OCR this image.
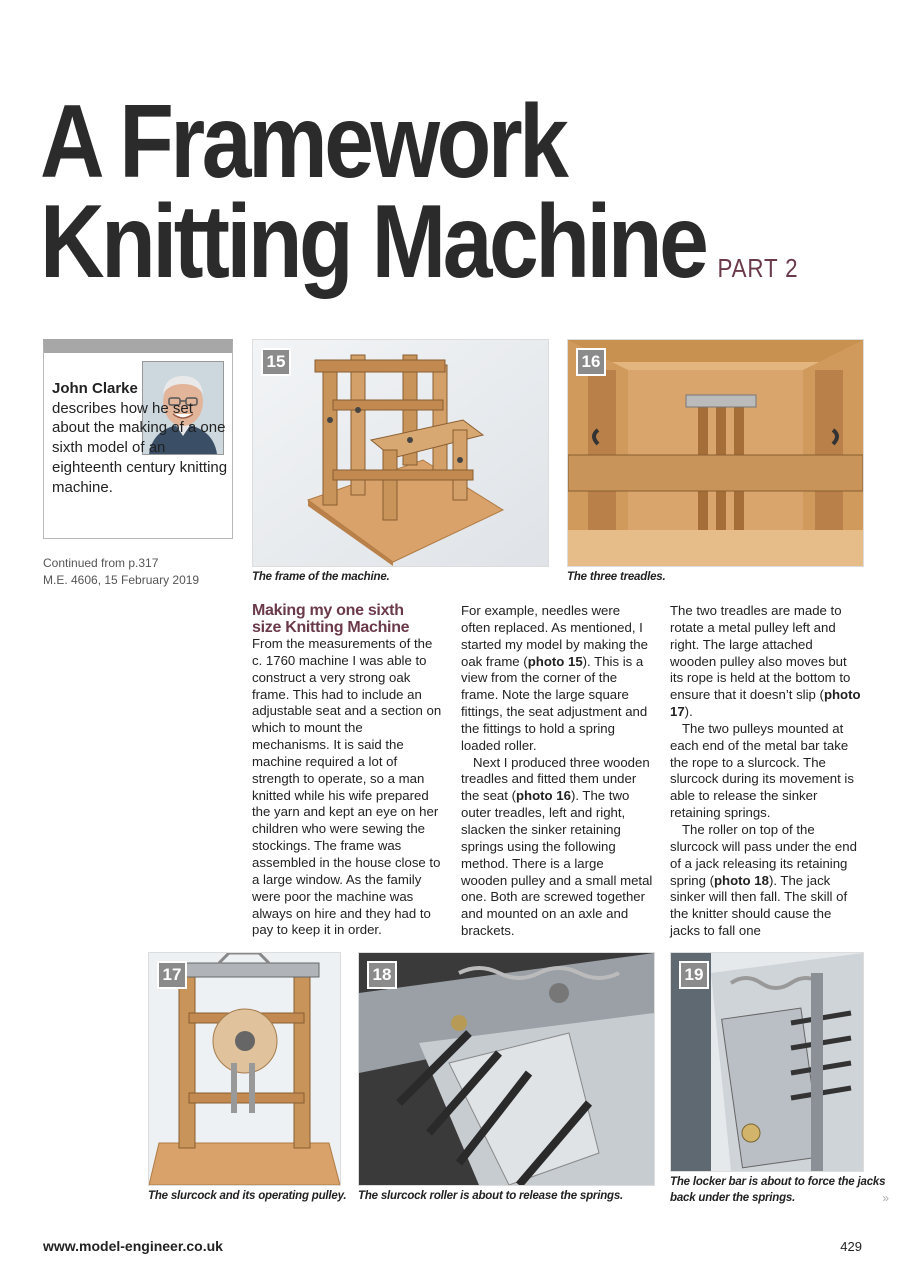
A Framework
Knitting Machine PART 2
John Clarke
describes how he set about the making of a one sixth model of an eighteenth century knitting machine.
Continued from p.317
M.E. 4606, 15 February 2019
15
The frame of the machine.
16
The three treadles.
Making my one sixth
size Knitting Machine

From the measurements of the c. 1760 machine I was able to construct a very strong oak frame. This had to include an adjustable seat and a section on which to mount the mechanisms. It is said the machine required a lot of strength to operate, so a man knitted while his wife prepared the yarn and kept an eye on her children who were sewing the stockings. The frame was assembled in the house close to a large window. As the family were poor the machine was always on hire and they had to pay to keep it in order.

For example, needles were often replaced. As mentioned, I started my model by making the oak frame (photo 15). This is a view from the corner of the frame. Note the large square fittings, the seat adjustment and the fittings to hold a spring loaded roller.

Next I produced three wooden treadles and fitted them under the seat (photo 16). The two outer treadles, left and right, slacken the sinker retaining springs using the following method. There is a large wooden pulley and a small metal one. Both are screwed together and mounted on an axle and brackets.

The two treadles are made to rotate a metal pulley left and right. The large attached wooden pulley also moves but its rope is held at the bottom to ensure that it doesn’t slip (photo 17).

The two pulleys mounted at each end of the metal bar take the rope to a slurcock. The slurcock during its movement is able to release the sinker retaining springs.

The roller on top of the slurcock will pass under the end of a jack releasing its retaining spring (photo 18). The jack sinker will then fall. The skill of the knitter should cause the jacks to fall one

17
The slurcock and its operating pulley.
18
The slurcock roller is about to release the springs.
19
The locker bar is about to force the jacks
back under the springs.	»
www.model-engineer.co.uk	429
